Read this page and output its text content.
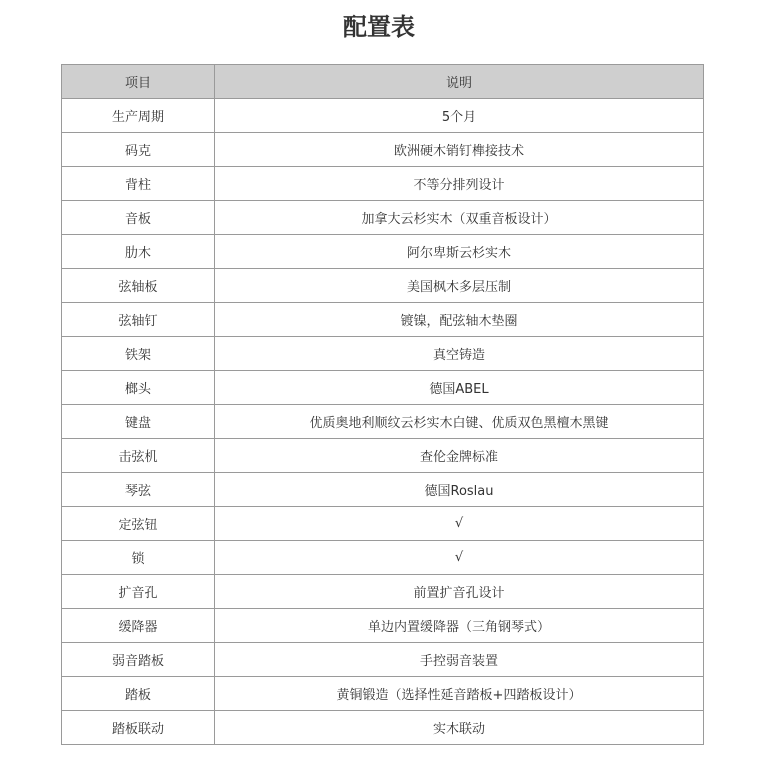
配置表
项目	说明
生产周期	5个月
码克	欧洲硬木销钉榫接技术
背柱	不等分排列设计
音板	加拿大云杉实木（双重音板设计）
肋木	阿尔卑斯云杉实木
弦轴板	美国枫木多层压制
弦轴钉	镀镍，配弦轴木垫圈
铁架	真空铸造
榔头	德国ABEL
键盘	优质奥地利顺纹云杉实木白键、优质双色黑檀木黑键
击弦机	查伦金牌标准
琴弦	德国Roslau
定弦钮	√
锁	√
扩音孔	前置扩音孔设计
缓降器	单边内置缓降器（三角钢琴式）
弱音踏板	手控弱音装置
踏板	黄铜锻造（选择性延音踏板+四踏板设计）
踏板联动	实木联动
